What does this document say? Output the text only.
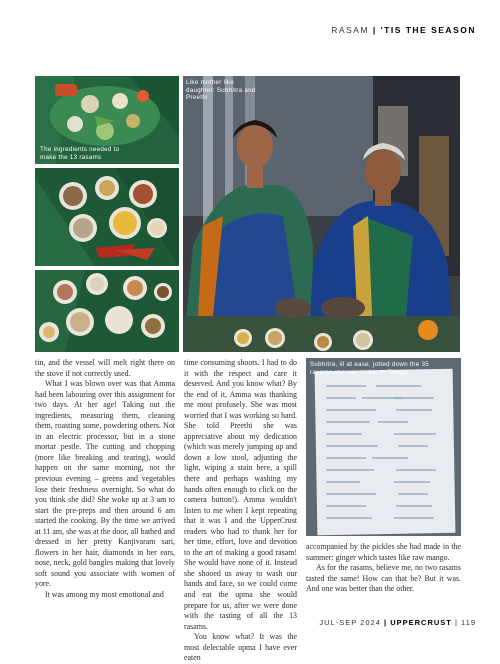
RASAM | 'TIS THE SEASON
The ingredients needed to make the 13 rasams
Like mother like daughter: Subhitra and Preethi
Subhitra, ill at ease, jotted down the 35 rasams she can make, in Telugu

tin, and the vessel will melt right there on the stove if not correctly used.

What I was blown over was that Amma had been labouring over this assignment for two days. At her age! Taking out the ingredients, measuring them, cleaning them, roasting some, powdering others. Not in an electric processor, but in a stone mortar pestle. The cutting and chopping (more like breaking and tearing), would happen on the same morning, not the previous evening – greens and vegetables lose their freshness overnight. So what do you think she did? She woke up at 3 am to start the pre-preps and then around 6 am started the cooking. By the time we arrived at 11 am, she was at the door, all bathed and dressed in her pretty Kanjivaram sari, flowers in her hair, diamonds in her ears, nose, neck, gold bangles making that lovely soft sound you associate with women of yore.

It was among my most emotional and

time consuming shoots. I had to do it with the respect and care it deserved. And you know what? By the end of it, Amma was thanking me most profusely. She was most worried that I was working so hard. She told Preethi she was appreciative about my dedication (which was merely jumping up and down a low stool, adjusting the light, wiping a stain here, a spill there and perhaps washing my hands often enough to click on the camera button!). Amma wouldn't listen to me when I kept repeating that it was I and the UpperCrust readers who had to thank her for her time, effort, love and devotion to the art of making a good rasam! She would have none of it. Instead she shooed us away to wash our hands and face, so we could come and eat the upma she would prepare for us, after we were done with the tasting of all the 13 rasams.

You know what? It was the most delectable upma I have ever eaten

accompanied by the pickles she had made in the summer: ginger which tastes like raw mango.

As for the rasams, believe me, no two rasams tasted the same! How can that be? But it was. And one was better than the other.

JUL-SEP 2024 | UPPERCRUST | 119
